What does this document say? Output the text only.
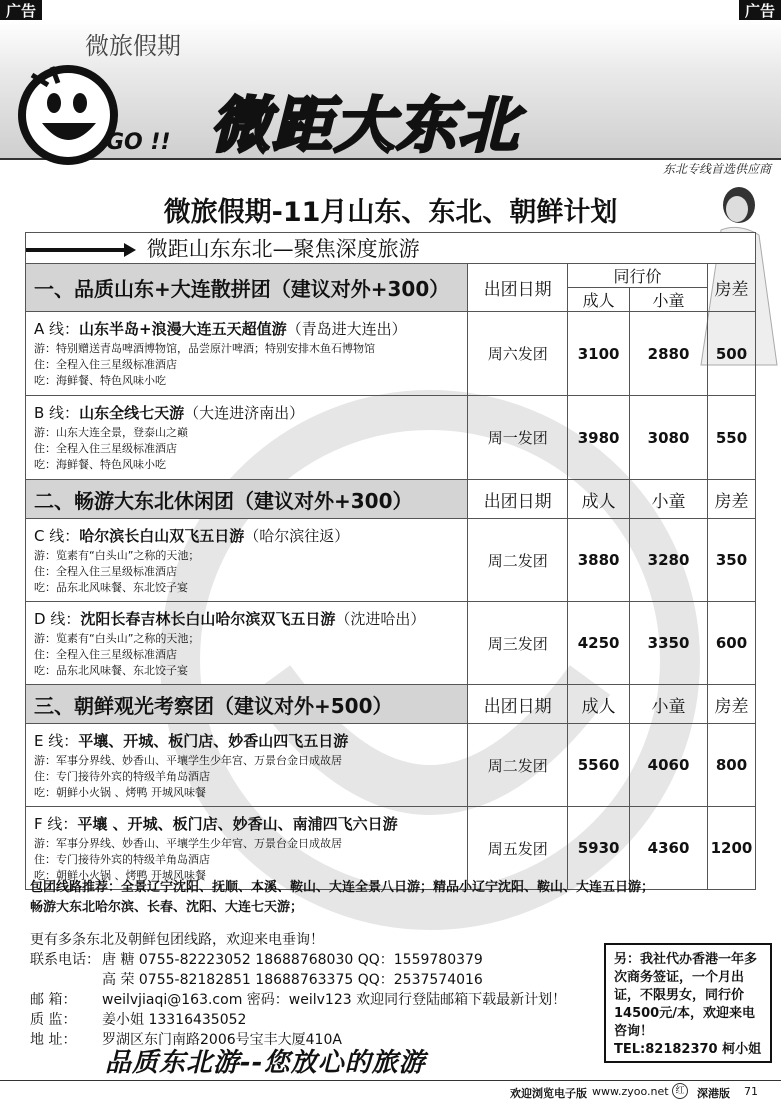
广告	广告
微旅假期
GO !! 微距大东北
东北专线首选供应商
微旅假期-11月山东、东北、朝鲜计划
微距山东东北—聚焦深度旅游				
一、品质山东+大连散拼团（建议对外+300）	出团日期	同行价		房差
		成人	小童	

A 线：山东半岛+浪漫大连五天超值游（青岛进大连出）
游：特别赠送青岛啤酒博物馆，品尝原汁啤酒；特别安排木鱼石博物馆
住：全程入住三星级标准酒店
吃：海鲜餐、特色风味小吃	周六发团	3100	2880	500

B 线：山东全线七天游（大连进济南出）
游：山东大连全景，登泰山之巅
住：全程入住三星级标准酒店
吃：海鲜餐、特色风味小吃	周一发团	3980	3080	550
二、畅游大东北休闲团（建议对外+300）	出团日期	成人	小童	房差

C 线：哈尔滨长白山双飞五日游（哈尔滨往返）
游：览素有“白头山”之称的天池；
住：全程入住三星级标准酒店
吃：品东北风味餐、东北饺子宴	周二发团	3880	3280	350

D 线：沈阳长春吉林长白山哈尔滨双飞五日游（沈进哈出）
游：览素有“白头山”之称的天池；
住：全程入住三星级标准酒店
吃：品东北风味餐、东北饺子宴	周三发团	4250	3350	600
三、朝鲜观光考察团（建议对外+500）	出团日期	成人	小童	房差

E 线：平壤、开城、板门店、妙香山四飞五日游
游：军事分界线、妙香山、平壤学生少年宫、万景台金日成故居
住：专门接待外宾的特级羊角岛酒店
吃：朝鲜小火锅 、烤鸭 开城风味餐	周二发团	5560	4060	800

F 线：平壤 、开城、板门店、妙香山、南浦四飞六日游
游：军事分界线、妙香山、平壤学生少年宫、万景台金日成故居
住：专门接待外宾的特级羊角岛酒店
吃：朝鲜小火锅 、烤鸭 开城风味餐	周五发团	5930	4360	1200
包团线路推荐：全景辽宁沈阳、抚顺、本溪、鞍山、大连全景八日游；精品小辽宁沈阳、鞍山、大连五日游；
畅游大东北哈尔滨、长春、沈阳、大连七天游；
更有多条东北及朝鲜包团线路，欢迎来电垂询！
联系电话： 唐 糖 0755-82223052 18688768030 QQ：1559780379
高 荣 0755-82182851 18688763375 QQ：2537574016
邮 箱： weilvjiaqi@163.com 密码：weilv123 欢迎同行登陆邮箱下载最新计划！
质 监： 姜小姐 13316435052
地 址： 罗湖区东门南路2006号宝丰大厦410A
另：我社代办香港一年多次商务签证，一个月出证，不限男女，同行价14500元/本，欢迎来电咨询！
TEL:82182370 柯小姐
品质东北游--您放心的旅游
欢迎浏览电子版 www.zyoo.net 红	深港版 71
